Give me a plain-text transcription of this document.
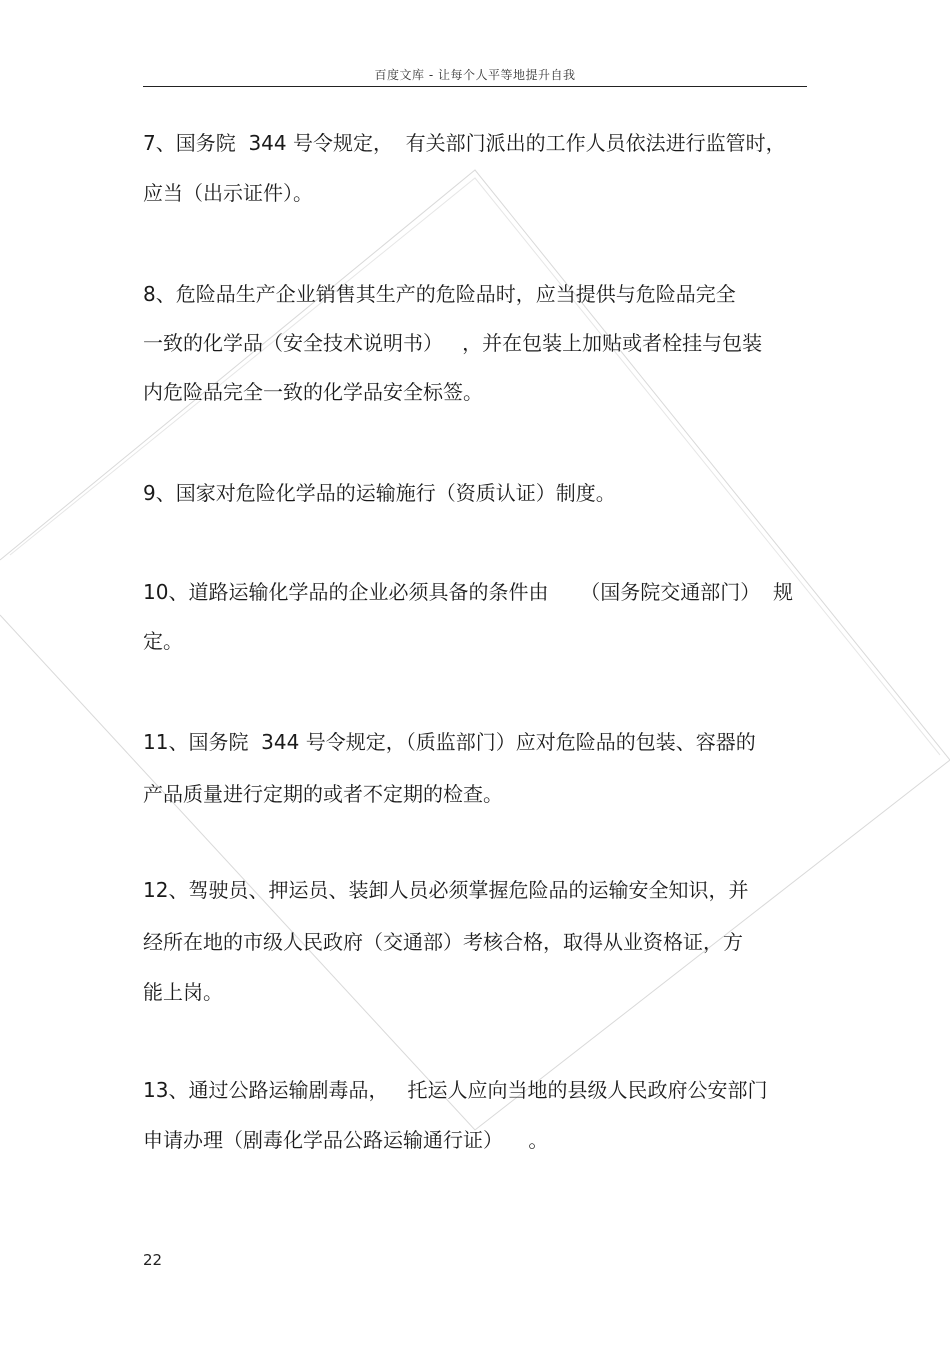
百度文库 - 让每个人平等地提升自我
7、国务院  344 号令规定，  有关部门派出的工作人员依法进行监管时，
应当（出示证件）。
8、危险品生产企业销售其生产的危险品时，应当提供与危险品完全
一致的化学品（安全技术说明书）   ，并在包装上加贴或者栓挂与包装
内危险品完全一致的化学品安全标签。
9、国家对危险化学品的运输施行（资质认证）制度。
10、道路运输化学品的企业必须具备的条件由     （国务院交通部门）  规
定。
11、国务院  344 号令规定，（质监部门）应对危险品的包装、容器的
产品质量进行定期的或者不定期的检查。
12、驾驶员、押运员、装卸人员必须掌握危险品的运输安全知识，并
经所在地的市级人民政府（交通部）考核合格，取得从业资格证，方
能上岗。
13、通过公路运输剧毒品，   托运人应向当地的县级人民政府公安部门
申请办理（剧毒化学品公路运输通行证）    。
22
